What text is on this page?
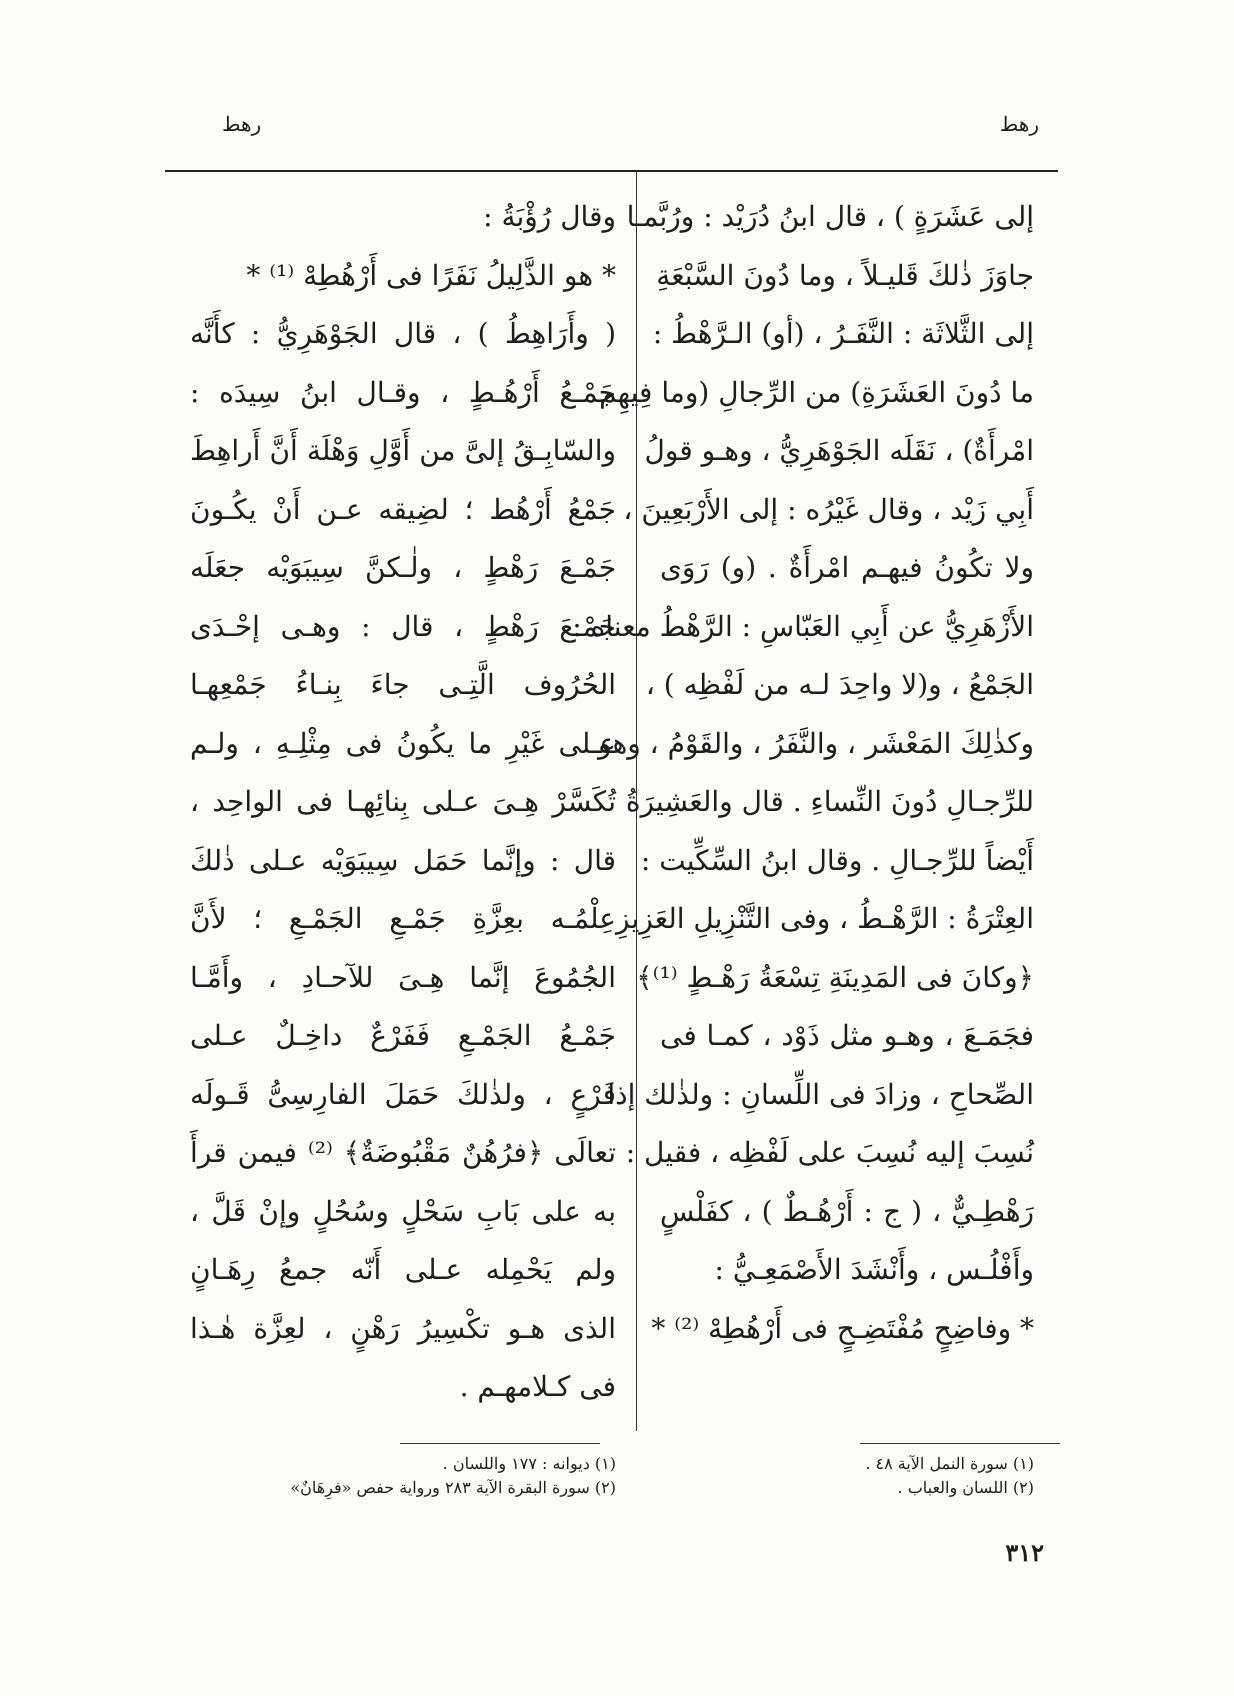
رهط
رهط
إلى عَشَرَةٍ ) ، قال ابنُ دُرَيْد : ورُبَّمـا
جاوَزَ ذٰلكَ قَليـلاً ، وما دُونَ السَّبْعَةِ
إلى الثَّلاثَة : النَّفَـرُ ، (أو) الـرَّهْطُ :
ما دُونَ العَشَرَةِ) من الرِّجالِ (وما فِيهِم
امْرأَةٌ) ، نَقَلَه الجَوْهَرِيُّ ، وهـو قولُ
أَبِي زَيْد ، وقال غَيْرُه : إلى الأَرْبَعِينَ ،
ولا تكُونُ فيهـم امْرأَةٌ . (و) رَوَى
الأَزْهَرِيُّ عن أَبِي العَبّاسِ : الرَّهْطُ معناه :
الجَمْعُ ، و(لا واحِدَ لـه من لَفْظِه ) ،
وكذٰلِكَ المَعْشَر ، والنَّفَرُ ، والقَوْمُ ، وهو
للرِّجـالِ دُونَ النِّساءِ . قال والعَشِيرَةُ
أَيْضاً للرِّجـالِ . وقال ابنُ السِّكِّيت :
العِتْرَةُ : الرَّهْـطُ ، وفى التَّنْزِيلِ العَزِيزِ
﴿وكانَ فى المَدِينَةِ تِسْعَةُ رَهْـطٍ ⁽¹⁾﴾
فجَمَـعَ ، وهـو مثل ذَوْد ، كمـا فى
الصِّحاحِ ، وزادَ فى اللِّسانِ : ولذٰلك إذا
نُسِبَ إليه نُسِبَ على لَفْظِه ، فقيل :
رَهْطِـيٌّ ، ( ج : أَرْهُـطٌ ) ، كفَلْسٍ
وأَفْلُـس ، وأَنْشَدَ الأَصْمَعِـيُّ :
* وفاضِحٍ مُفْتَضِـحٍ فى أَرْهُطِهْ ⁽²⁾ *
وقال رُؤْبَةُ :
* هو الذَّلِيلُ نَفَرًا فى أَرْهُطِهْ ⁽¹⁾ *
( وأَرَاهِطُ ) ، قال الجَوْهَرِيُّ : كأَنَّه
جَمْـعُ أَرْهُـطٍ ، وقـال ابنُ سِيدَه :
والسّابِـقُ إلىَّ من أَوَّلِ وَهْلَة أَنَّ أَراهِطَ
جَمْعُ أَرْهُط ؛ لضِيقه عـن أَنْ يكُـونَ
جَمْـعَ رَهْطٍ ، ولٰـكنَّ سِيبَوَيْه جعَلَه
جَمْـعَ رَهْطٍ ، قال : وهـى إحْـدَى
الحُرُوف الَّتِـى جاءَ بِنـاءُ جَمْعِهـا
عـلى غَيْرِ ما يكُونُ فى مِثْلِـهِ ، ولـم
تُكَسَّرْ هِـىَ عـلى بِنائِهـا فى الواحِد ،
قال : وإنَّما حَمَل سِيبَوَيْه عـلى ذٰلكَ
عِلْمُـه بعِزَّةِ جَمْـعِ الجَمْـعِ ؛ لأَنَّ
الجُمُوعَ إنَّما هِـىَ للآحـادِ ، وأَمَّـا
جَمْـعُ الجَمْـعِ فَفَرْعٌ داخِـلٌ عـلى
فَرْعٍ ، ولذٰلكَ حَمَلَ الفارِسِىُّ قَـولَه
تعالَى ﴿فرُهُنٌ مَقْبُوضَةٌ﴾ ⁽²⁾ فيمن قرأَ
به على بَابِ سَحْلٍ وسُحُلٍ وإنْ قَلَّ ،
ولم يَحْمِله عـلى أَنّه جمعُ رِهَـانٍ
الذى هـو تكْسِيرُ رَهْنٍ ، لعِزَّة هٰـذا
فى كـلامهـم .
(١) سورة النمل الآية ٤٨ .
(٢) اللسان والعباب .
(١) ديوانه : ١٧٧ واللسان .
(٢) سورة البقرة الآية ٢٨٣ ورواية حفص «فرِهَانٌ»
٣١٢
